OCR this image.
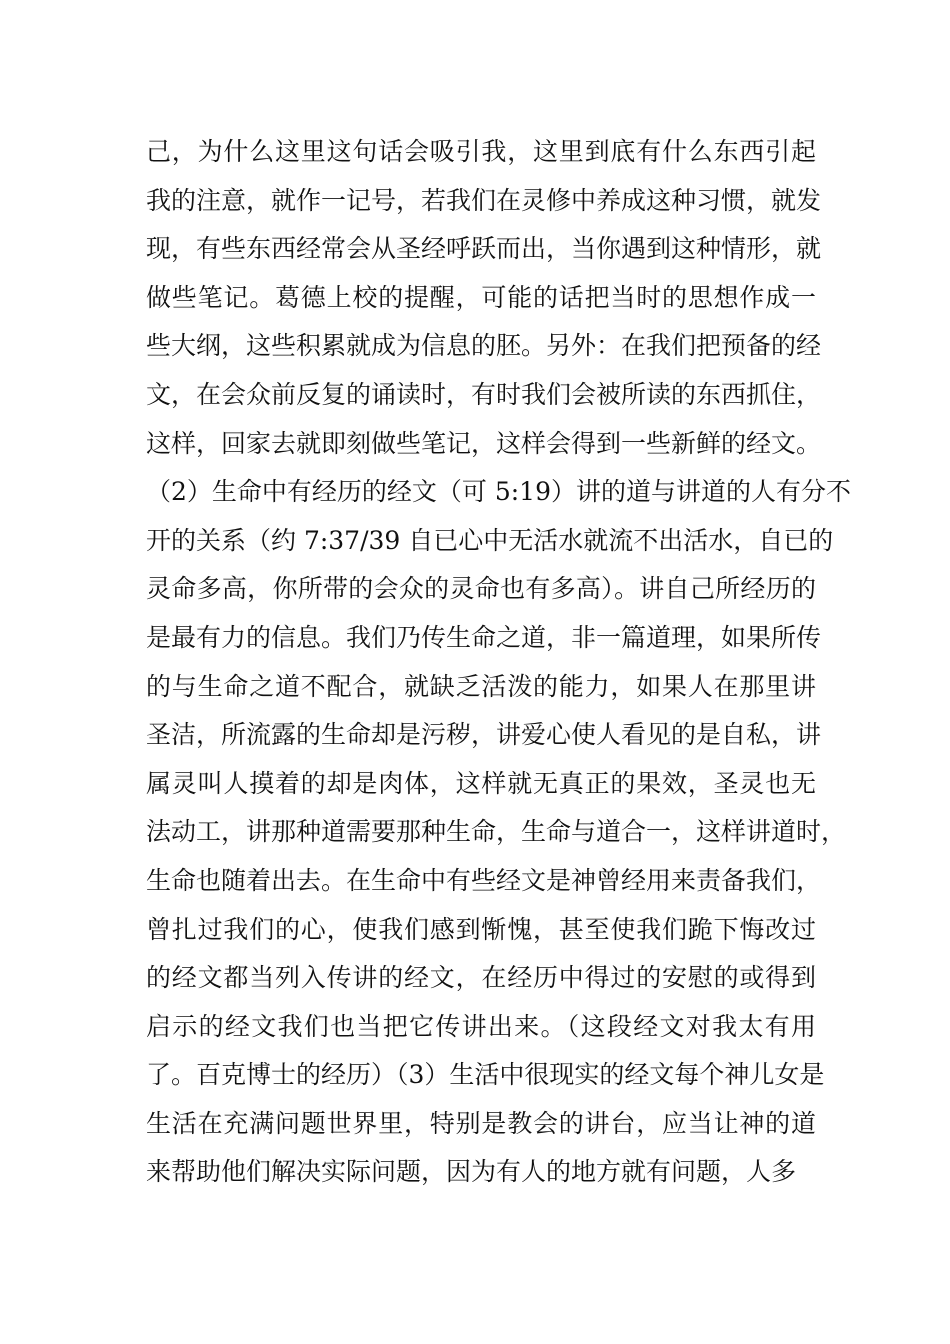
己，为什么这里这句话会吸引我，这里到底有什么东西引起
我的注意，就作一记号，若我们在灵修中养成这种习惯，就发
现，有些东西经常会从圣经呼跃而出，当你遇到这种情形，就
做些笔记。葛德上校的提醒，可能的话把当时的思想作成一
些大纲，这些积累就成为信息的胚。另外：在我们把预备的经
文，在会众前反复的诵读时，有时我们会被所读的东西抓住，
这样，回家去就即刻做些笔记，这样会得到一些新鲜的经文。
（2）生命中有经历的经文（可 5:19）讲的道与讲道的人有分不
开的关系（约 7:37/39 自已心中无活水就流不出活水，自已的
灵命多高，你所带的会众的灵命也有多高）。讲自己所经历的
是最有力的信息。我们乃传生命之道，非一篇道理，如果所传
的与生命之道不配合，就缺乏活泼的能力，如果人在那里讲
圣洁，所流露的生命却是污秽，讲爱心使人看见的是自私，讲
属灵叫人摸着的却是肉体，这样就无真正的果效，圣灵也无
法动工，讲那种道需要那种生命，生命与道合一，这样讲道时，
生命也随着出去。在生命中有些经文是神曾经用来责备我们，
曾扎过我们的心，使我们感到惭愧，甚至使我们跪下悔改过
的经文都当列入传讲的经文，在经历中得过的安慰的或得到
启示的经文我们也当把它传讲出来。（这段经文对我太有用
了。百克博士的经历）（3）生活中很现实的经文每个神儿女是
生活在充满问题世界里，特别是教会的讲台，应当让神的道
来帮助他们解决实际问题，因为有人的地方就有问题，人多
